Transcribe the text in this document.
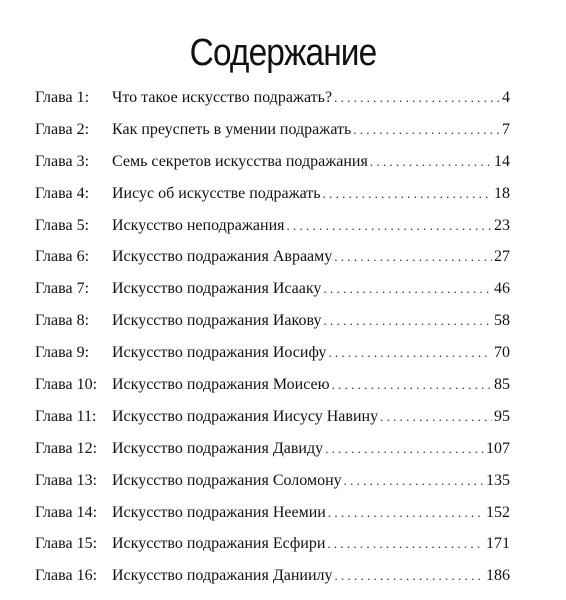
Содержание
Глава 1:	Что такое искусство подражать? . . .	4
Глава 2:	Как преуспеть в умении подражать . . .	7
Глава 3:	Семь секретов искусства подражания . . .	14
Глава 4:	Иисус об искусстве подражать . . .	18
Глава 5:	Искусство неподражания . . .	23
Глава 6:	Искусство подражания Аврааму . . .	27
Глава 7:	Искусство подражания Исааку . . .	46
Глава 8:	Искусство подражания Иакову . . .	58
Глава 9:	Искусство подражания Иосифу . . .	70
Глава 10: Искусство подражания Моисею . . .	85
Глава 11: Искусство подражания Иисусу Навину . . .	95
Глава 12: Искусство подражания Давиду . . .	107
Глава 13: Искусство подражания Соломону . . .	135
Глава 14: Искусство подражания Неемии . . .	152
Глава 15: Искусство подражания Есфири . . .	171
Глава 16: Искусство подражания Даниилу . . .	186
